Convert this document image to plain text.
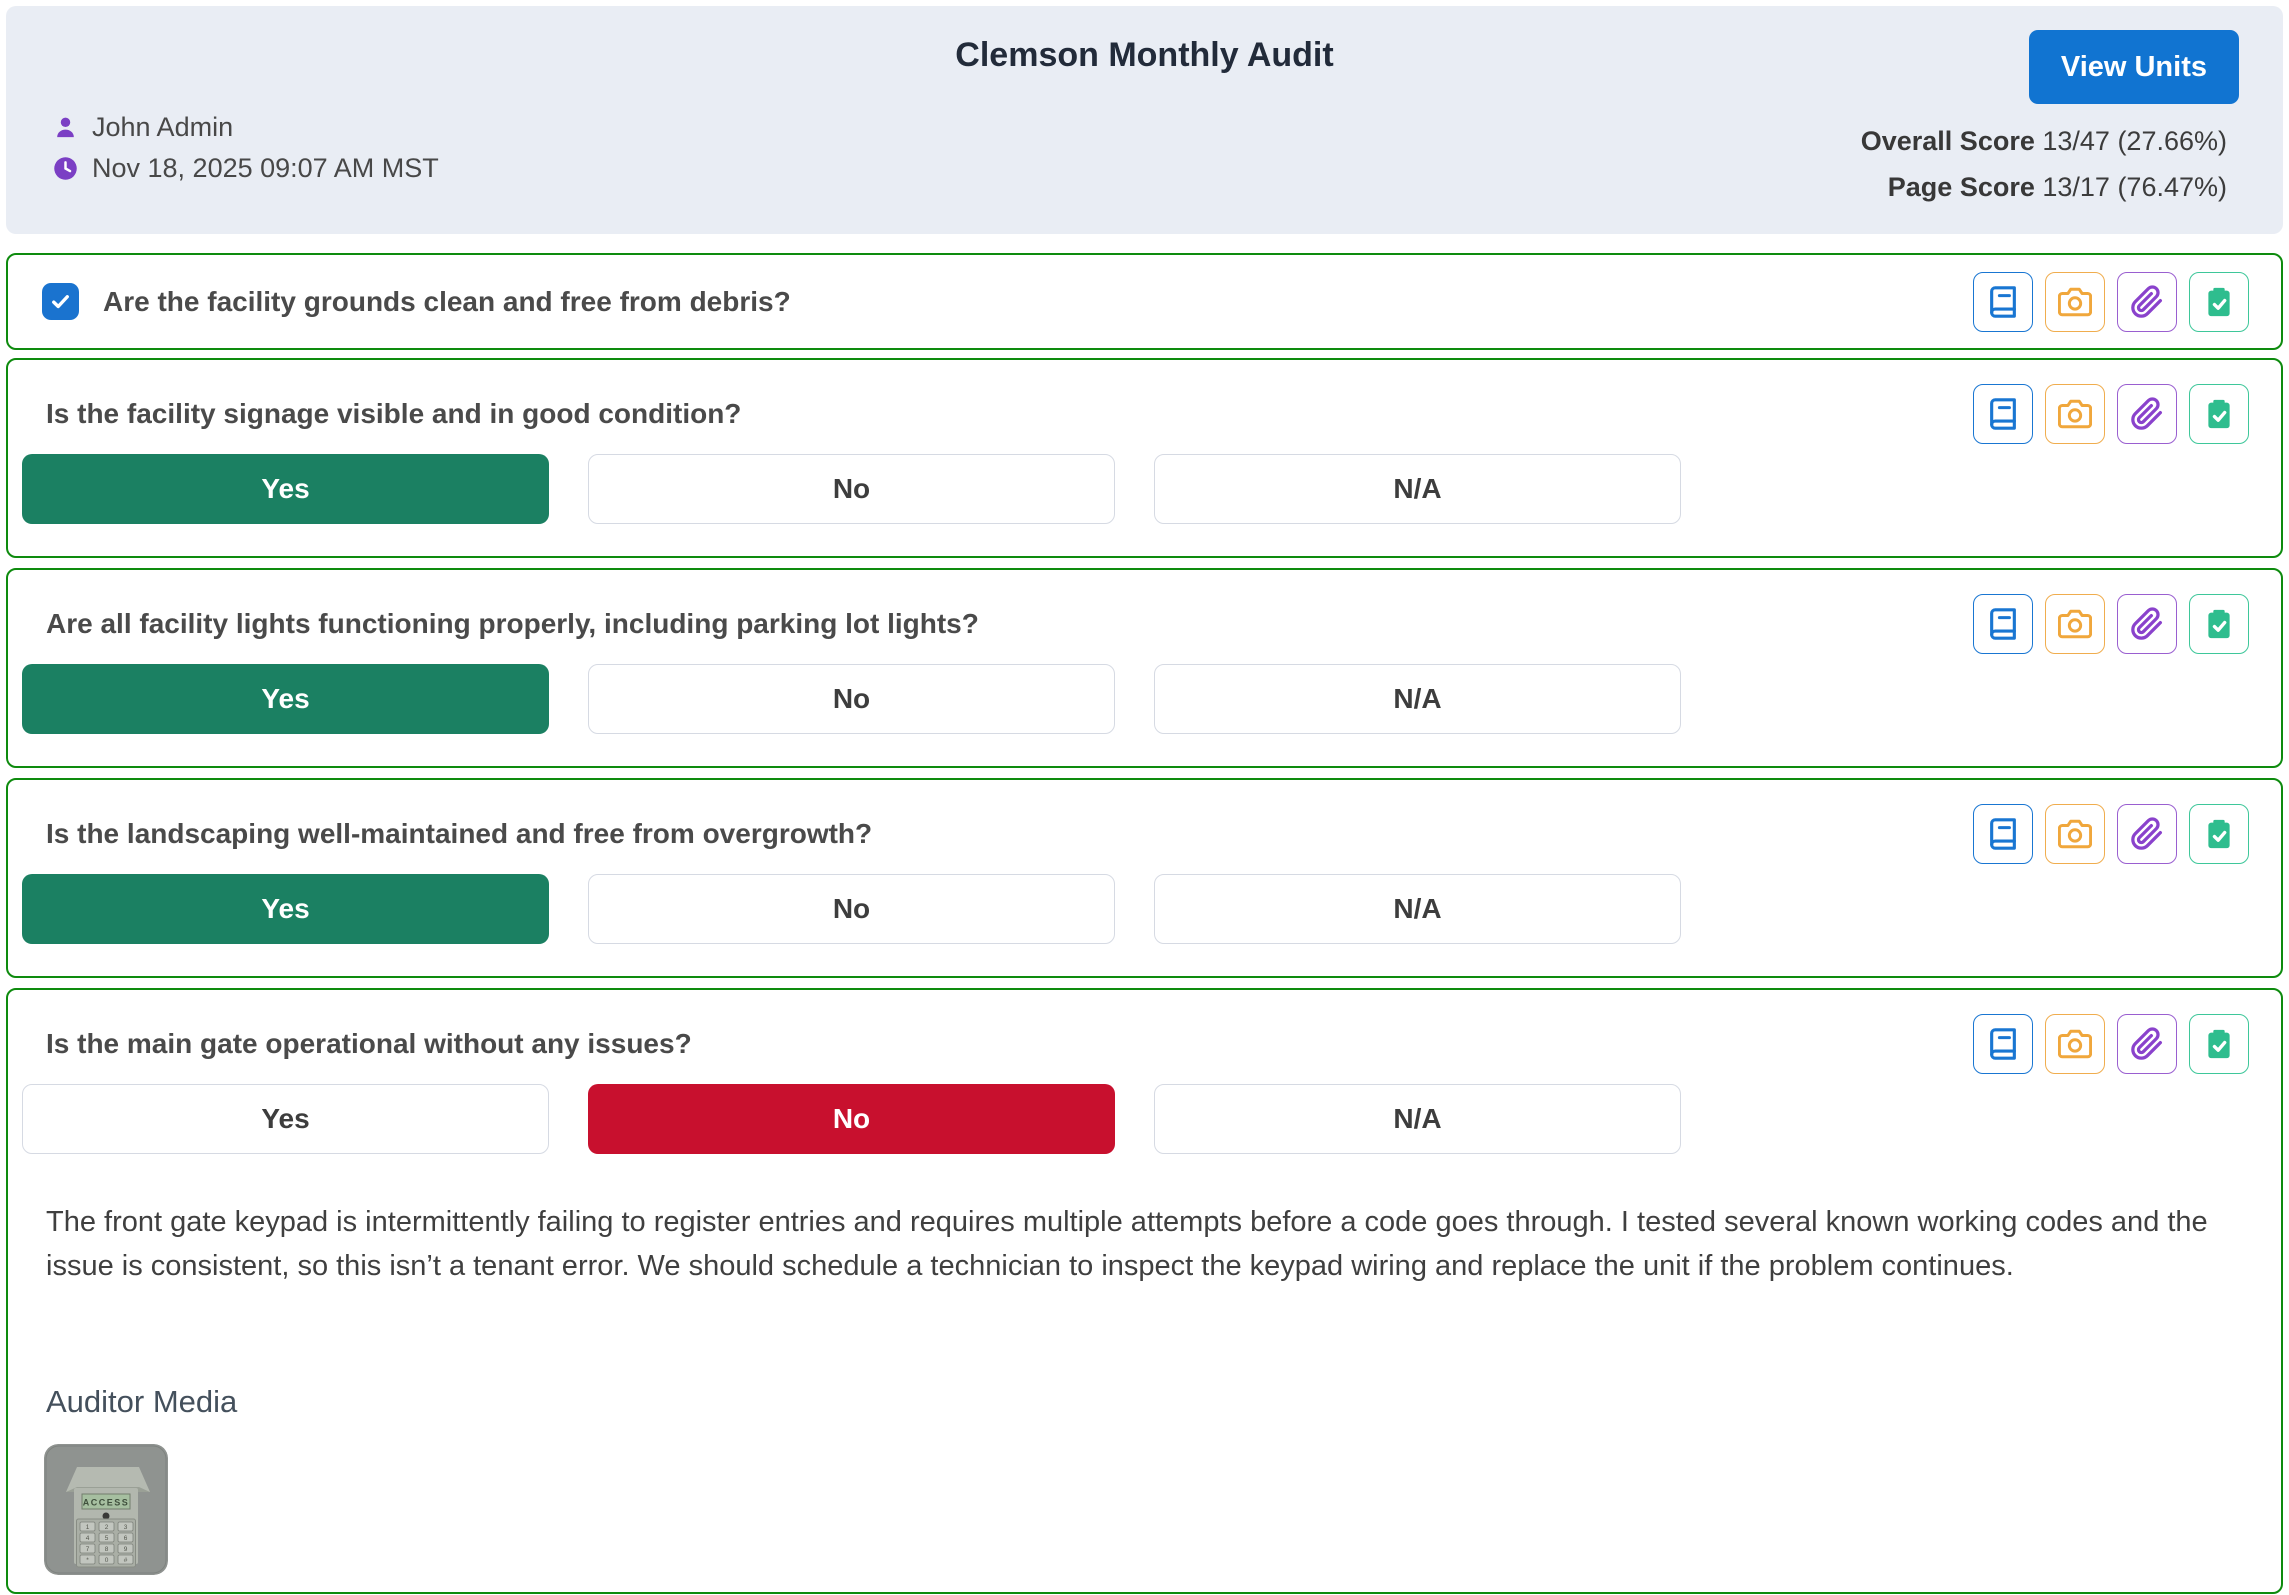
Clemson Monthly Audit	View Units
John Admin
Nov 18, 2025 09:07 AM MST
Overall Score 13/47 (27.66%)
Page Score 13/17 (76.47%)
Are the facility grounds clean and free from debris?
Is the facility signage visible and in good condition?
Yes	No	N/A
Are all facility lights functioning properly, including parking lot lights?
Yes	No	N/A
Is the landscaping well-maintained and free from overgrowth?
Yes	No	N/A
Is the main gate operational without any issues?
Yes	No	N/A

The front gate keypad is intermittently failing to register entries and requires multiple attempts before a code goes through. I tested several known working codes and the issue is consistent, so this isn’t a tenant error. We should schedule a technician to inspect the keypad wiring and replace the unit if the problem continues.

Auditor Media
ACCESS
1 2 3
4 5 6
7 8 9
* 0 #
